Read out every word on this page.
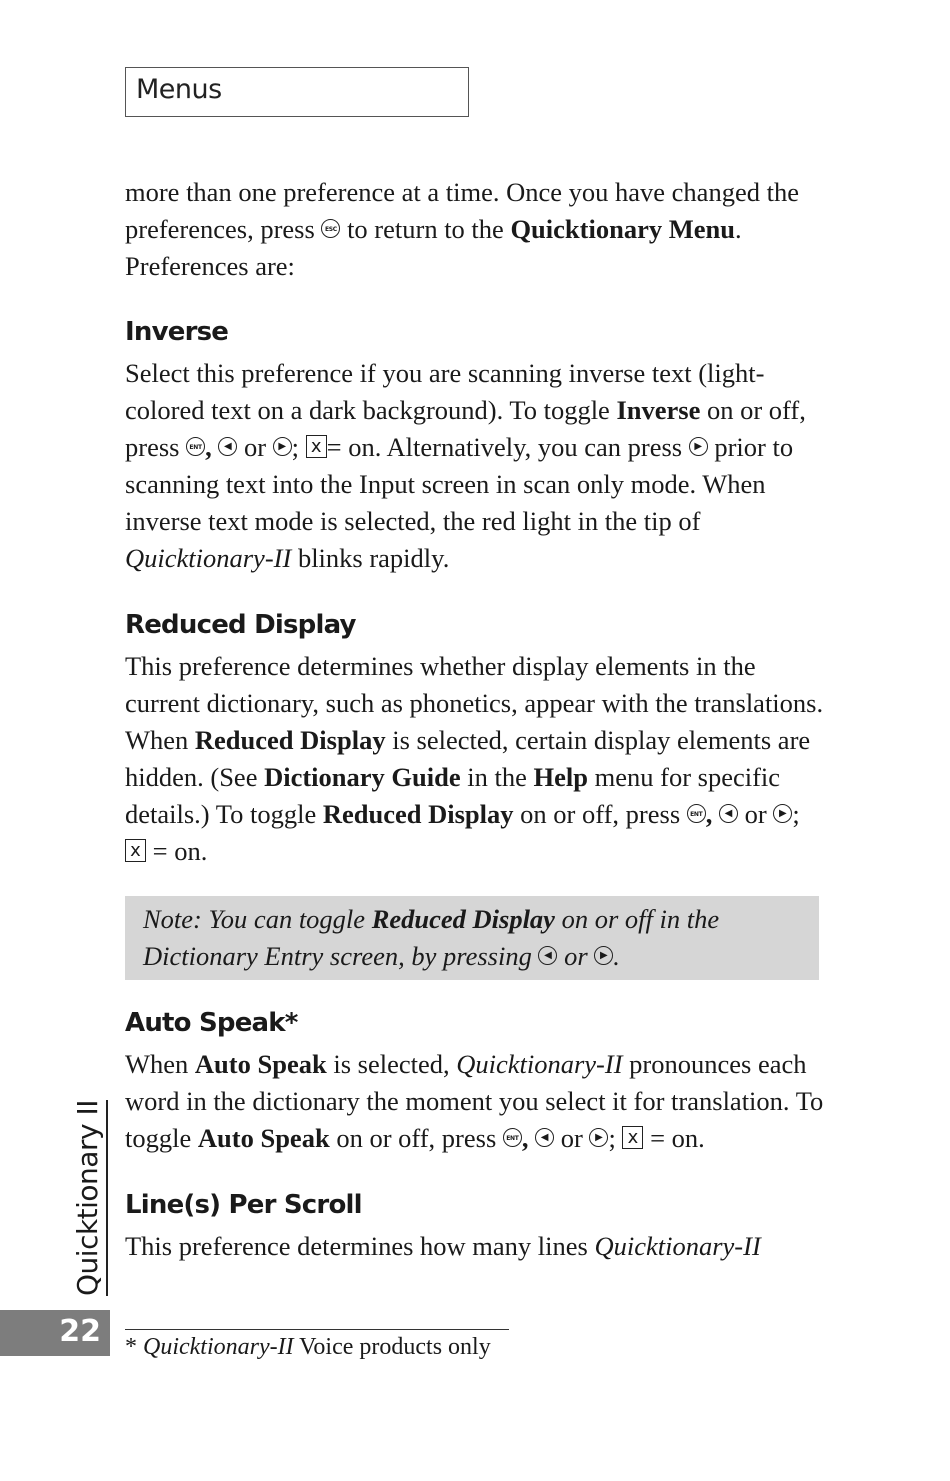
Menus

more than one preference at a time. Once you have changed the preferences, press ESC to return to the Quicktionary Menu. Preferences are:

Inverse

Select this preference if you are scanning inverse text (light-colored text on a dark background). To toggle Inverse on or off, press ENT , ◀ or ▶ ; x = on. Alternatively, you can press ▶ prior to scanning text into the Input screen in scan only mode. When inverse text mode is selected, the red light in the tip of Quicktionary-II blinks rapidly.

Reduced Display

This preference determines whether display elements in the current dictionary, such as phonetics, appear with the translations. When Reduced Display is selected, certain display elements are hidden. (See Dictionary Guide in the Help menu for specific details.) To toggle Reduced Display on or off, press ENT , ◀ or ▶ ; x = on.

Note: You can toggle Reduced Display on or off in the Dictionary Entry screen, by pressing ◀ or ▶ .
Auto Speak*

When Auto Speak is selected, Quicktionary-II pronounces each word in the dictionary the moment you select it for translation. To toggle Auto Speak on or off, press ENT , ◀ or ▶ ; x = on.

Line(s) Per Scroll

This preference determines how many lines Quicktionary-II

Quicktionary II
22 * Quicktionary-II Voice products only
